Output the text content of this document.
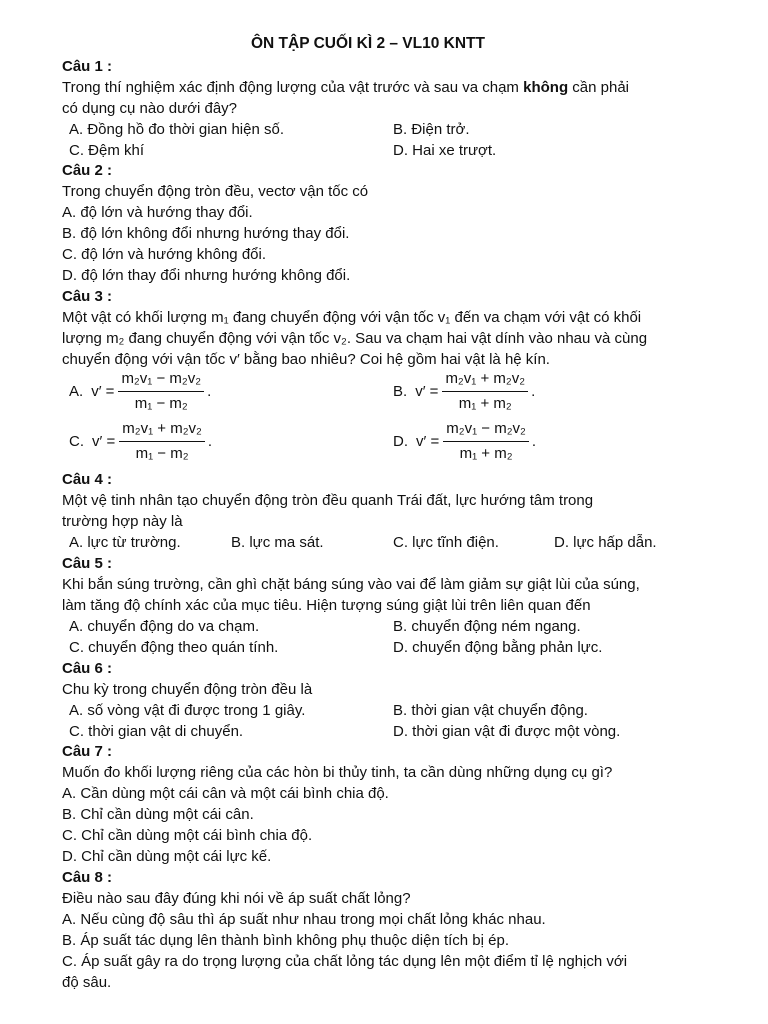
ÔN TẬP CUỐI KÌ 2 – VL10 KNTT
Câu 1 :
Trong thí nghiệm xác định động lượng của vật trước và sau va chạm không cần phải
có dụng cụ nào dưới đây?
A. Đồng hồ đo thời gian hiện số.	B. Điện trở.
C. Đệm khí	D. Hai xe trượt.
Câu 2 :
Trong chuyển động tròn đều, vectơ vận tốc có
A. độ lớn và hướng thay đổi.
B. độ lớn không đổi nhưng hướng thay đổi.
C. độ lớn và hướng không đổi.
D. độ lớn thay đổi nhưng hướng không đổi.
Câu 3 :
Một vật có khối lượng m₁ đang chuyển động với vận tốc v₁ đến va chạm với vật có khối
lượng m₂ đang chuyển động với vận tốc v₂. Sau va chạm hai vật dính vào nhau và cùng
chuyển động với vận tốc v′ bằng bao nhiêu? Coi hệ gồm hai vật là hệ kín.
A. $v' = \frac{\text{m₂v₁ − m₂v₂}}{\text{m₁ − m₂}}$ .	B. $v' = \frac{\text{m₂v₁ + m₂v₂}}{\text{m₁ + m₂}}$ .
C. $v' = \frac{\text{m₂v₁ + m₂v₂}}{\text{m₁ − m₂}}$ .	D. $v' = \frac{\text{m₂v₁ − m₂v₂}}{\text{m₁ + m₂}}$ .
Câu 4 :
Một vệ tinh nhân tạo chuyển động tròn đều quanh Trái đất, lực hướng tâm trong
trường hợp này là
A. lực từ trường.	B. lực ma sát.	C. lực tĩnh điện.	D. lực hấp dẫn.
Câu 5 :
Khi bắn súng trường, cần ghì chặt báng súng vào vai để làm giảm sự giật lùi của súng,
làm tăng độ chính xác của mục tiêu. Hiện tượng súng giật lùi trên liên quan đến
A. chuyển động do va chạm.	B. chuyển động ném ngang.
C. chuyển động theo quán tính.	D. chuyển động bằng phản lực.
Câu 6 :
Chu kỳ trong chuyển động tròn đều là
A. số vòng vật đi được trong 1 giây.	B. thời gian vật chuyển động.
C. thời gian vật di chuyển.	D. thời gian vật đi được một vòng.
Câu 7 :
Muốn đo khối lượng riêng của các hòn bi thủy tinh, ta cần dùng những dụng cụ gì?
A. Cần dùng một cái cân và một cái bình chia độ.
B. Chỉ cần dùng một cái cân.
C. Chỉ cần dùng một cái bình chia độ.
D. Chỉ cần dùng một cái lực kế.
Câu 8 :
Điều nào sau đây đúng khi nói về áp suất chất lỏng?
A. Nếu cùng độ sâu thì áp suất như nhau trong mọi chất lỏng khác nhau.
B. Áp suất tác dụng lên thành bình không phụ thuộc diện tích bị ép.
C. Áp suất gây ra do trọng lượng của chất lỏng tác dụng lên một điểm tỉ lệ nghịch với
độ sâu.
